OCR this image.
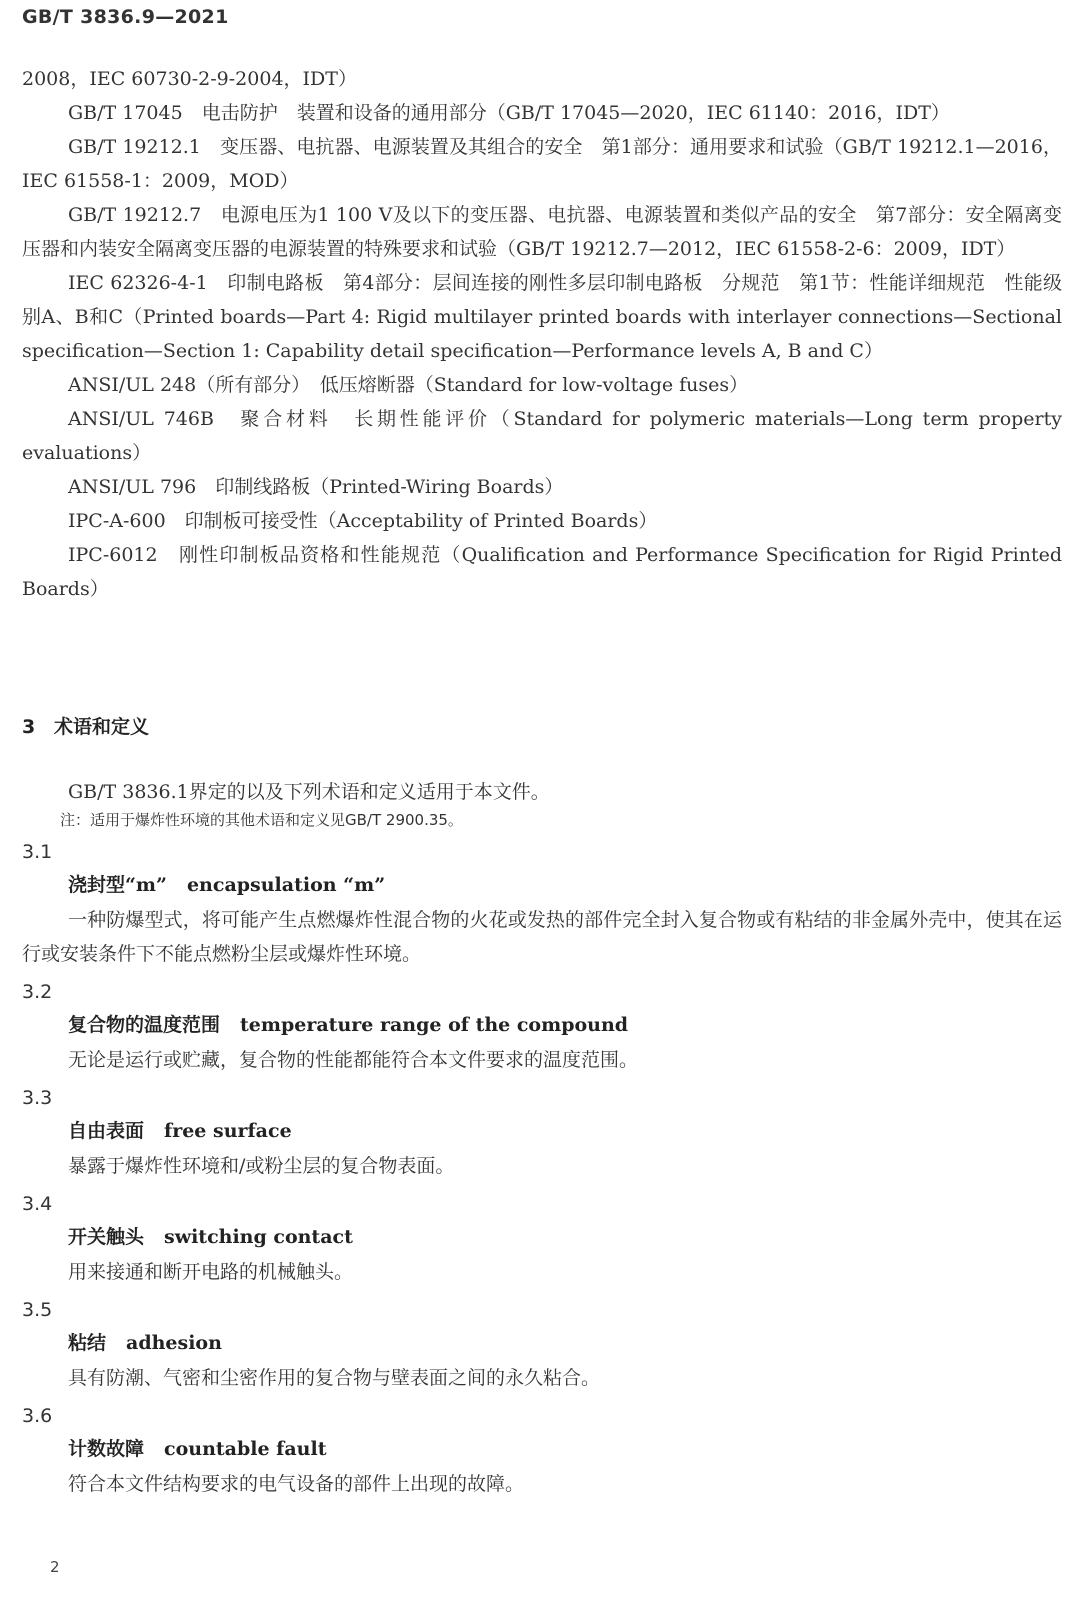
GB/T 3836.9—2021

2008，IEC 60730-2-9-2004，IDT）

GB/T 17045　电击防护　装置和设备的通用部分（GB/T 17045—2020，IEC 61140：2016，IDT）

GB/T 19212.1　变压器、电抗器、电源装置及其组合的安全　第1部分：通用要求和试验（GB/T 19212.1—2016，IEC 61558-1：2009，MOD）

GB/T 19212.7　电源电压为1 100 V及以下的变压器、电抗器、电源装置和类似产品的安全　第7部分：安全隔离变压器和内装安全隔离变压器的电源装置的特殊要求和试验（GB/T 19212.7—2012，IEC 61558-2-6：2009，IDT）

IEC 62326-4-1　印制电路板　第4部分：层间连接的刚性多层印制电路板　分规范　第1节：性能详细规范　性能级别A、B和C（Printed boards—Part 4: Rigid multilayer printed boards with interlayer connections—Sectional specification—Section 1: Capability detail specification—Performance levels A, B and C）

ANSI/UL 248（所有部分）　低压熔断器（Standard for low-voltage fuses）

ANSI/UL 746B　聚合材料　长期性能评价（Standard for polymeric materials—Long term property evaluations）

ANSI/UL 796　印制线路板（Printed-Wiring Boards）

IPC-A-600　印制板可接受性（Acceptability of Printed Boards）

IPC-6012　刚性印制板品资格和性能规范（Qualification and Performance Specification for Rigid Printed Boards）

3 术语和定义

GB/T 3836.1界定的以及下列术语和定义适用于本文件。

注：适用于爆炸性环境的其他术语和定义见GB/T 2900.35。

3.1

浇封型“m” encapsulation “m”

一种防爆型式，将可能产生点燃爆炸性混合物的火花或发热的部件完全封入复合物或有粘结的非金属外壳中，使其在运行或安装条件下不能点燃粉尘层或爆炸性环境。

3.2

复合物的温度范围 temperature range of the compound

无论是运行或贮藏，复合物的性能都能符合本文件要求的温度范围。

3.3

自由表面 free surface

暴露于爆炸性环境和/或粉尘层的复合物表面。

3.4

开关触头 switching contact

用来接通和断开电路的机械触头。

3.5

粘结 adhesion

具有防潮、气密和尘密作用的复合物与壁表面之间的永久粘合。

3.6

计数故障 countable fault

符合本文件结构要求的电气设备的部件上出现的故障。

2
